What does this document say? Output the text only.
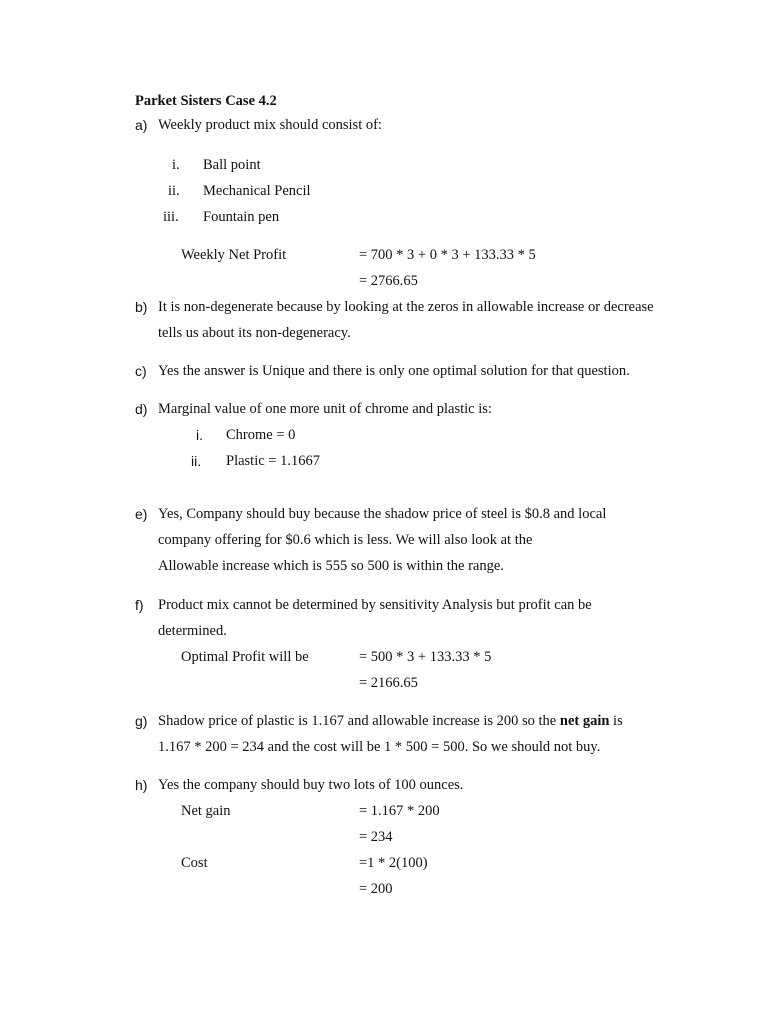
Parket Sisters Case 4.2
a) Weekly product mix should consist of:
i. Ball point
ii. Mechanical Pencil
iii. Fountain pen
Weekly Net Profit	= 700 * 3 + 0 * 3 + 133.33 * 5
= 2766.65
b) It is non-degenerate because by looking at the zeros in allowable increase or decrease
tells us about its non-degeneracy.
c) Yes the answer is Unique and there is only one optimal solution for that question.
d) Marginal value of one more unit of chrome and plastic is:
i. Chrome = 0
ii. Plastic = 1.1667
e) Yes, Company should buy because the shadow price of steel is $0.8 and local
company offering for $0.6 which is less. We will also look at the
Allowable increase which is 555 so 500 is within the range.
f) Product mix cannot be determined by sensitivity Analysis but profit can be
determined.
Optimal Profit will be	= 500 * 3 + 133.33 * 5
= 2166.65
g) Shadow price of plastic is 1.167 and allowable increase is 200 so the net gain is
1.167 * 200 = 234 and the cost will be 1 * 500 = 500. So we should not buy.
h) Yes the company should buy two lots of 100 ounces.
Net gain	= 1.167 * 200
= 234
Cost	=1 * 2(100)
= 200
